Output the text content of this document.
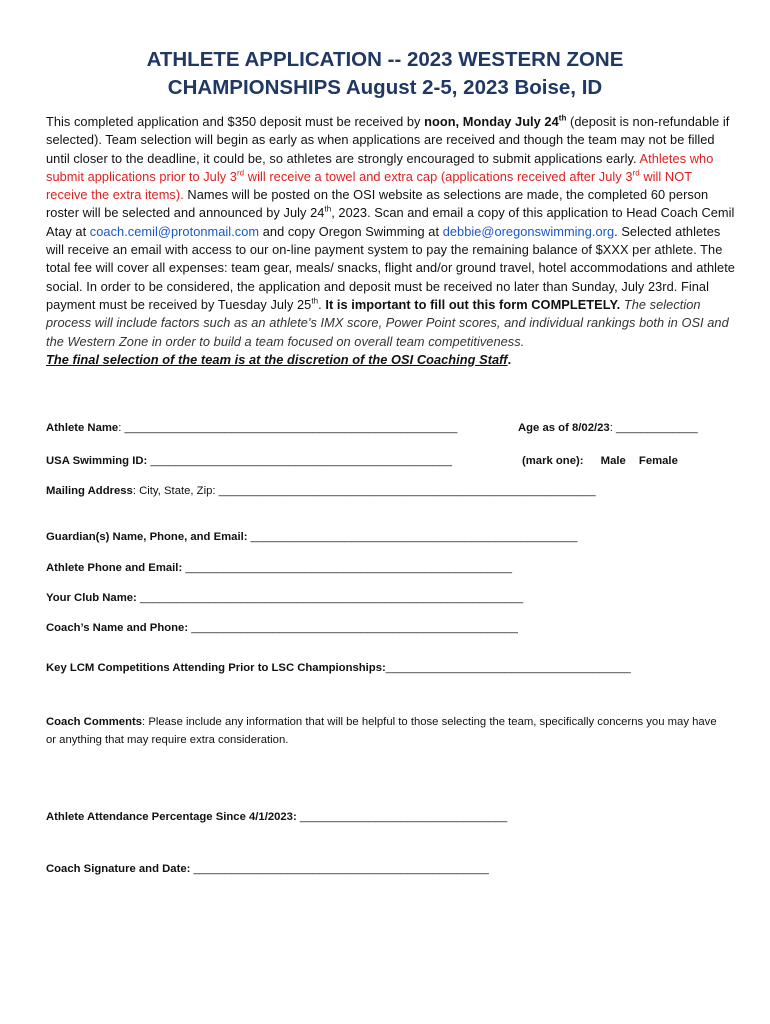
ATHLETE APPLICATION -- 2023 WESTERN ZONE
CHAMPIONSHIPS August 2-5, 2023 Boise, ID
This completed application and $350 deposit must be received by noon, Monday July 24th (deposit is non-refundable if selected). Team selection will begin as early as when applications are received and though the team may not be filled until closer to the deadline, it could be, so athletes are strongly encouraged to submit applications early. Athletes who submit applications prior to July 3rd will receive a towel and extra cap (applications received after July 3rd will NOT receive the extra items). Names will be posted on the OSI website as selections are made, the completed 60 person roster will be selected and announced by July 24th, 2023. Scan and email a copy of this application to Head Coach Cemil Atay at coach.cemil@protonmail.com and copy Oregon Swimming at debbie@oregonswimming.org. Selected athletes will receive an email with access to our on-line payment system to pay the remaining balance of $XXX per athlete. The total fee will cover all expenses: team gear, meals/ snacks, flight and/or ground travel, hotel accommodations and athlete social. In order to be considered, the application and deposit must be received no later than Sunday, July 23rd. Final payment must be received by Tuesday July 25th. It is important to fill out this form COMPLETELY. The selection process will include factors such as an athlete's IMX score, Power Point scores, and individual rankings both in OSI and the Western Zone in order to build a team focused on overall team competitiveness.
The final selection of the team is at the discretion of the OSI Coaching Staff.
Athlete Name: _____________________________________________________	Age as of 8/02/23: _____________
USA Swimming ID: ________________________________________________	(mark one): Male Female
Mailing Address: City, State, Zip: ____________________________________________________________
Guardian(s) Name, Phone, and Email: ____________________________________________________
Athlete Phone and Email: ____________________________________________________
Your Club Name: _____________________________________________________________
Coach’s Name and Phone: ____________________________________________________
Key LCM Competitions Attending Prior to LSC Championships:_______________________________________
Coach Comments: Please include any information that will be helpful to those selecting the team, specifically concerns you may have or anything that may require extra consideration.
Athlete Attendance Percentage Since 4/1/2023: _________________________________
Coach Signature and Date: _______________________________________________
